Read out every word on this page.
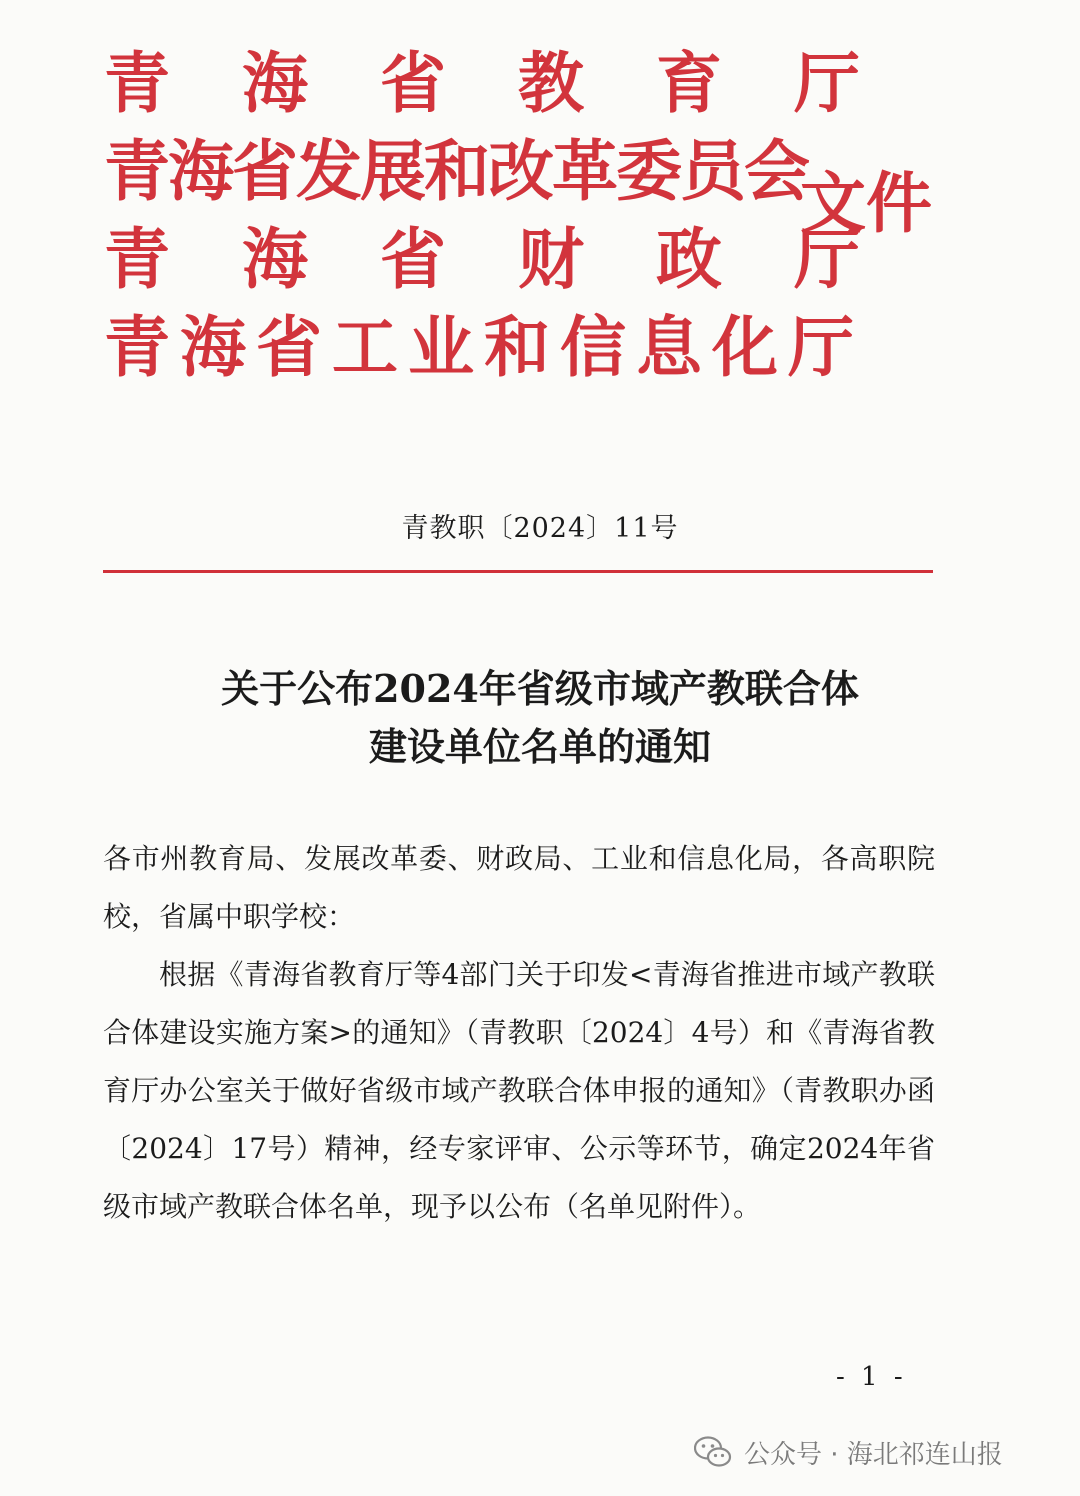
青海省教育厅
青海省发展和改革委员会
青海省财政厅
青海省工业和信息化厅
文件
青教职〔2024〕11号
关于公布2024年省级市域产教联合体
建设单位名单的通知

各市州教育局、发展改革委、财政局、工业和信息化局，各高职院校，省属中职学校：

根据《青海省教育厅等4部门关于印发<青海省推进市域产教联合体建设实施方案>的通知》（青教职〔2024〕4号）和《青海省教育厅办公室关于做好省级市域产教联合体申报的通知》（青教职办函〔2024〕17号）精神，经专家评审、公示等环节，确定2024年省级市域产教联合体名单，现予以公布（名单见附件）。

- 1 -
公众号 · 海北祁连山报
